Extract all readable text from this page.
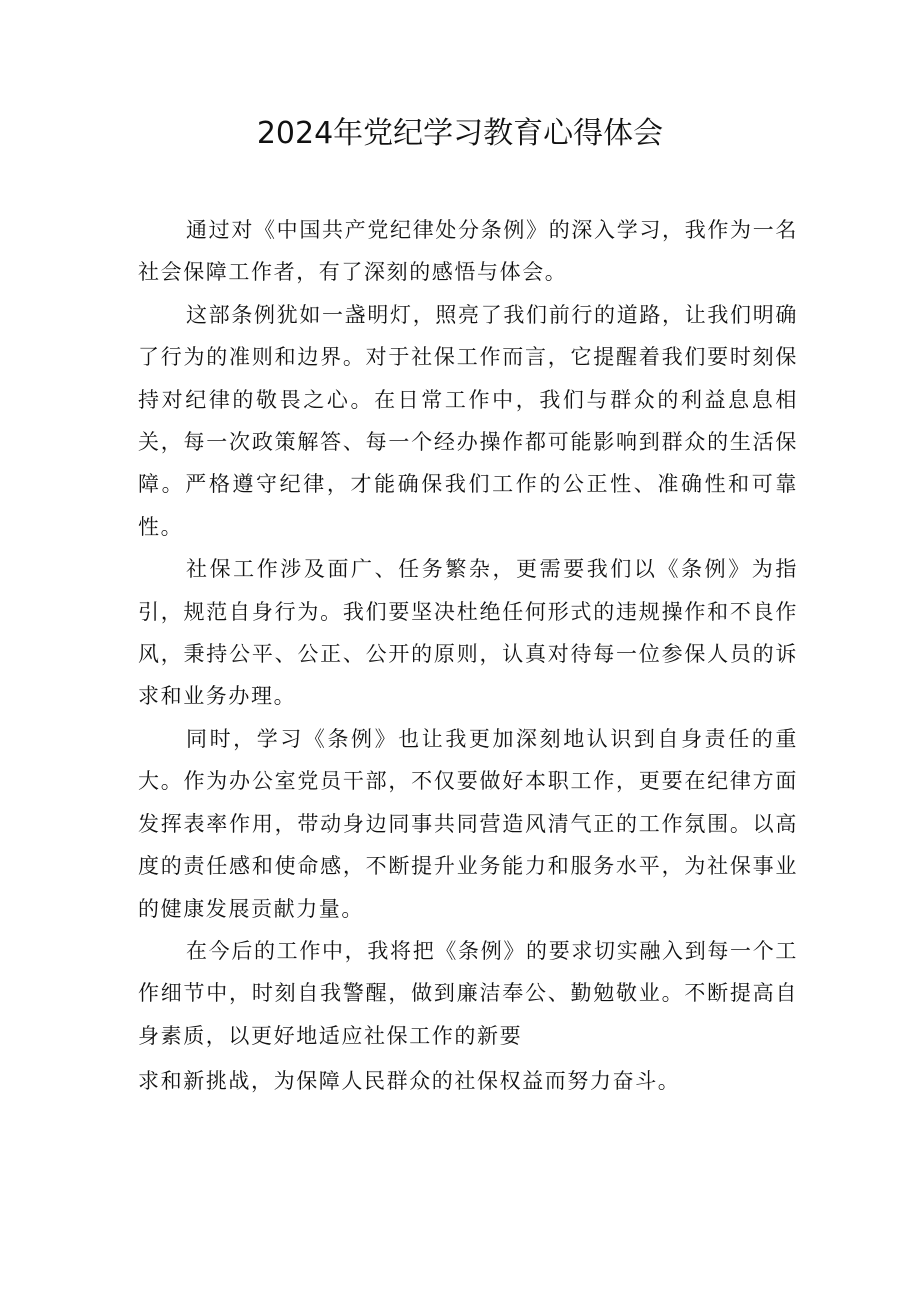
2024年党纪学习教育心得体会

通过对《中国共产党纪律处分条例》的深入学习，我作为一名社会保障工作者，有了深刻的感悟与体会。

这部条例犹如一盏明灯，照亮了我们前行的道路，让我们明确了行为的准则和边界。对于社保工作而言，它提醒着我们要时刻保持对纪律的敬畏之心。在日常工作中，我们与群众的利益息息相关，每一次政策解答、每一个经办操作都可能影响到群众的生活保障。严格遵守纪律，才能确保我们工作的公正性、准确性和可靠性。

社保工作涉及面广、任务繁杂，更需要我们以《条例》为指引，规范自身行为。我们要坚决杜绝任何形式的违规操作和不良作风，秉持公平、公正、公开的原则，认真对待每一位参保人员的诉求和业务办理。

同时，学习《条例》也让我更加深刻地认识到自身责任的重大。作为办公室党员干部，不仅要做好本职工作，更要在纪律方面发挥表率作用，带动身边同事共同营造风清气正的工作氛围。以高度的责任感和使命感，不断提升业务能力和服务水平，为社保事业的健康发展贡献力量。

在今后的工作中，我将把《条例》的要求切实融入到每一个工作细节中，时刻自我警醒，做到廉洁奉公、勤勉敬业。不断提高自身素质，以更好地适应社保工作的新要

求和新挑战，为保障人民群众的社保权益而努力奋斗。
